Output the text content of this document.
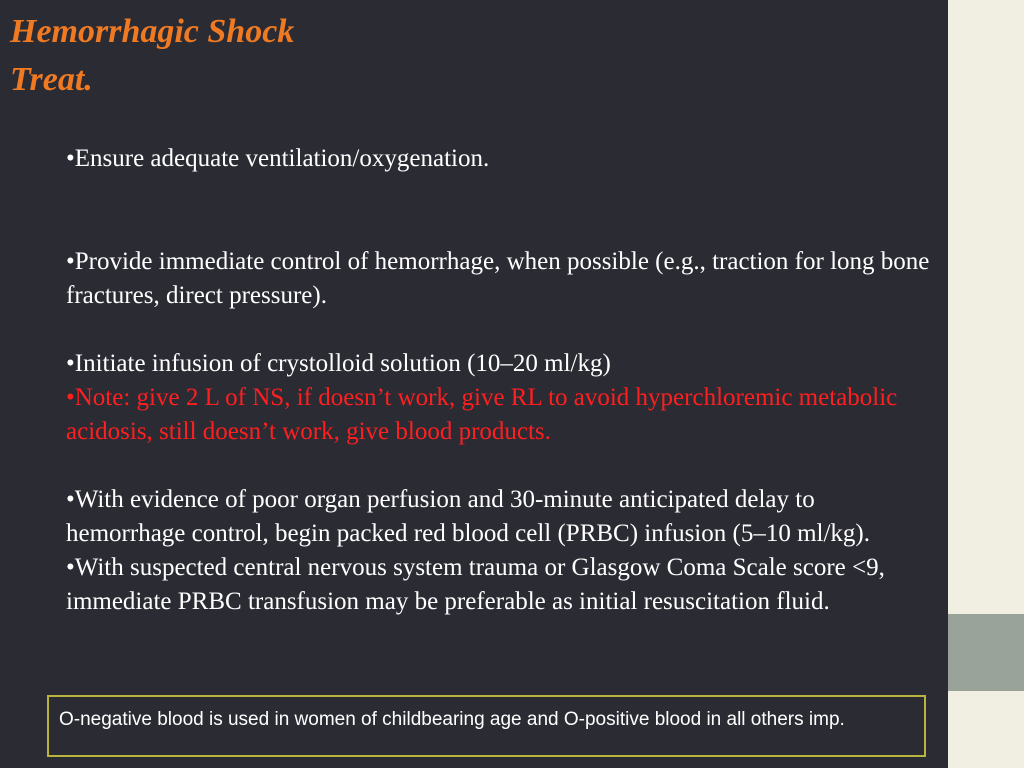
Hemorrhagic Shock
Treat.

•Ensure adequate ventilation/oxygenation.

•Provide immediate control of hemorrhage, when possible (e.g., traction for long bone fractures, direct pressure).

•Initiate infusion of crystolloid solution (10–20 ml/kg)

•Note: give 2 L of NS, if doesn’t work, give RL to avoid hyperchloremic metabolic acidosis, still doesn’t work, give blood products.

•With evidence of poor organ perfusion and 30-minute anticipated delay to hemorrhage control, begin packed red blood cell (PRBC) infusion (5–10 ml/kg).

•With suspected central nervous system trauma or Glasgow Coma Scale score <9, immediate PRBC transfusion may be preferable as initial resuscitation fluid.

O-negative blood is used in women of childbearing age and O-positive blood in all others imp.
